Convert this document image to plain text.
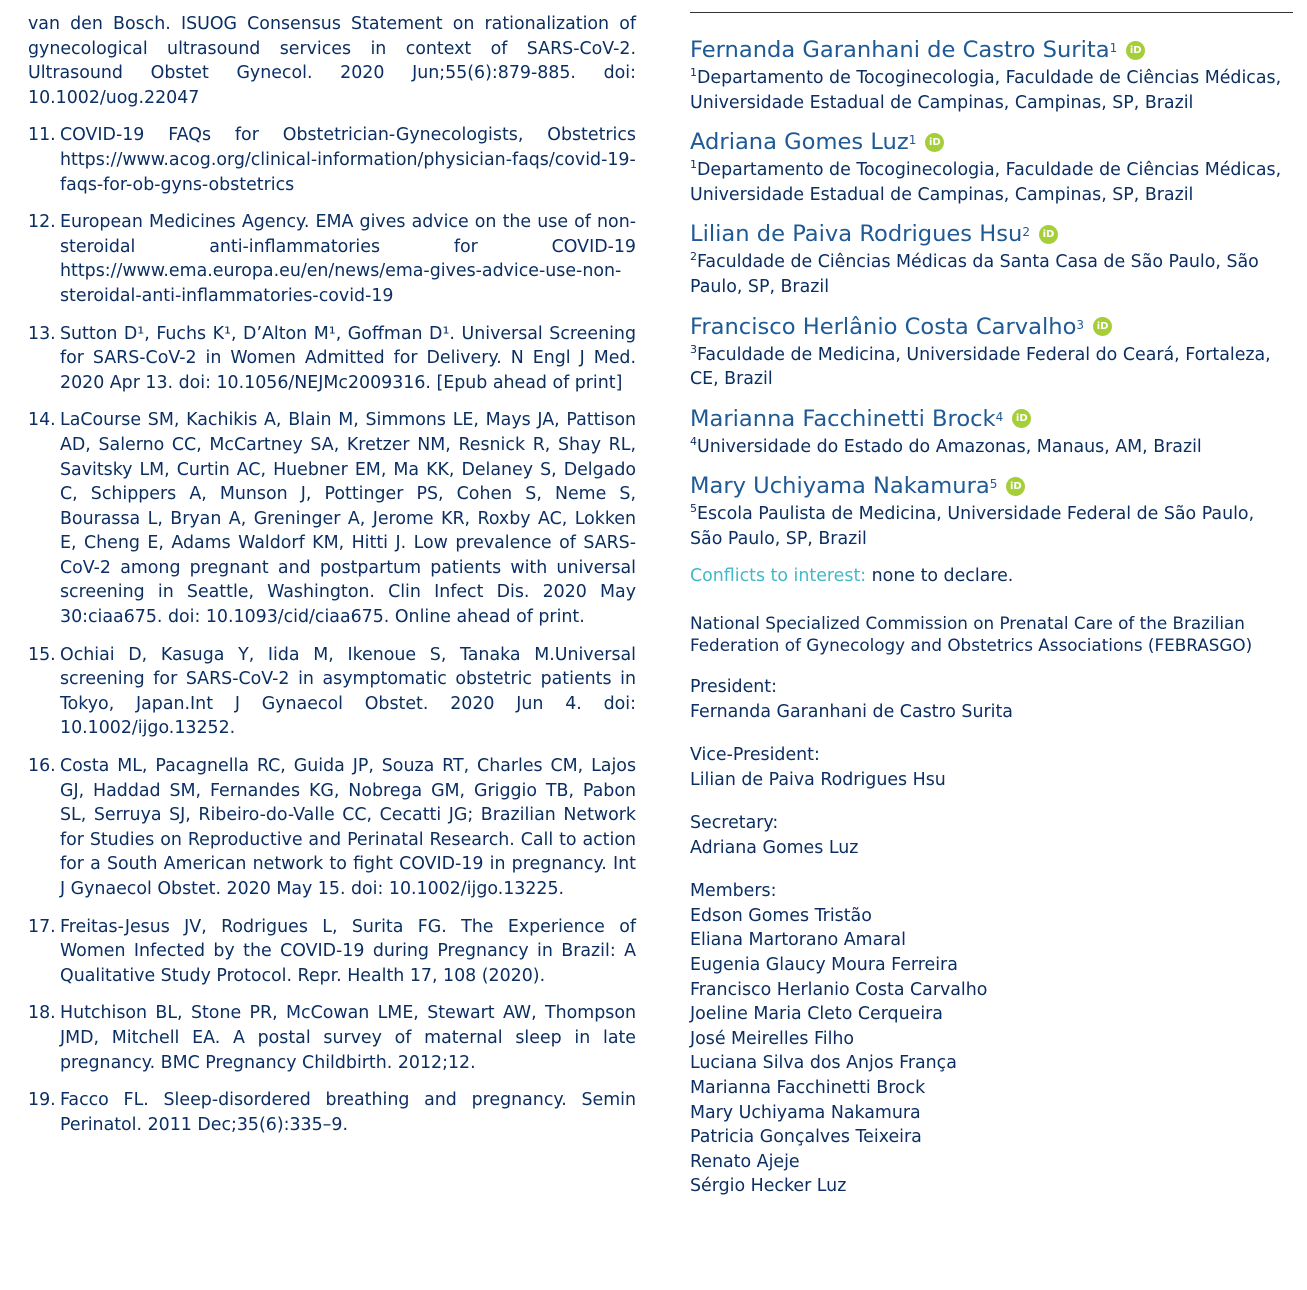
van den Bosch. ISUOG Consensus Statement on rationalization of gynecological ultrasound services in context of SARS-CoV-2. Ultrasound Obstet Gynecol. 2020 Jun;55(6):879-885. doi: 10.1002/uog.22047
11. COVID-19 FAQs for Obstetrician-Gynecologists, Obstetrics https://www.acog.org/clinical-information/physician-faqs/covid-19-faqs-for-ob-gyns-obstetrics
12. European Medicines Agency. EMA gives advice on the use of non-steroidal anti-inflammatories for COVID-19 https://www.ema.europa.eu/en/news/ema-gives-advice-use-non-steroidal-anti-inflammatories-covid-19
13. Sutton D¹, Fuchs K¹, D’Alton M¹, Goffman D¹. Universal Screening for SARS-CoV-2 in Women Admitted for Delivery. N Engl J Med. 2020 Apr 13. doi: 10.1056/NEJMc2009316. [Epub ahead of print]
14. LaCourse SM, Kachikis A, Blain M, Simmons LE, Mays JA, Pattison AD, Salerno CC, McCartney SA, Kretzer NM, Resnick R, Shay RL, Savitsky LM, Curtin AC, Huebner EM, Ma KK, Delaney S, Delgado C, Schippers A, Munson J, Pottinger PS, Cohen S, Neme S, Bourassa L, Bryan A, Greninger A, Jerome KR, Roxby AC, Lokken E, Cheng E, Adams Waldorf KM, Hitti J. Low prevalence of SARS-CoV-2 among pregnant and postpartum patients with universal screening in Seattle, Washington. Clin Infect Dis. 2020 May 30:ciaa675. doi: 10.1093/cid/ciaa675. Online ahead of print.
15. Ochiai D, Kasuga Y, Iida M, Ikenoue S, Tanaka M.Universal screening for SARS-CoV-2 in asymptomatic obstetric patients in Tokyo, Japan.Int J Gynaecol Obstet. 2020 Jun 4. doi: 10.1002/ijgo.13252.
16. Costa ML, Pacagnella RC, Guida JP, Souza RT, Charles CM, Lajos GJ, Haddad SM, Fernandes KG, Nobrega GM, Griggio TB, Pabon SL, Serruya SJ, Ribeiro-do-Valle CC, Cecatti JG; Brazilian Network for Studies on Reproductive and Perinatal Research. Call to action for a South American network to fight COVID-19 in pregnancy. Int J Gynaecol Obstet. 2020 May 15. doi: 10.1002/ijgo.13225.
17. Freitas-Jesus JV, Rodrigues L, Surita FG. The Experience of Women Infected by the COVID-19 during Pregnancy in Brazil: A Qualitative Study Protocol. Repr. Health 17, 108 (2020).
18. Hutchison BL, Stone PR, McCowan LME, Stewart AW, Thompson JMD, Mitchell EA. A postal survey of maternal sleep in late pregnancy. BMC Pregnancy Childbirth. 2012;12.
19. Facco FL. Sleep-disordered breathing and pregnancy. Semin Perinatol. 2011 Dec;35(6):335–9.
Fernanda Garanhani de Castro Surita$^1$	iD
$^1$Departamento de Tocoginecologia, Faculdade de Ciências Médicas, Universidade Estadual de Campinas, Campinas, SP, Brazil
Adriana Gomes Luz$^1$	iD
$^1$Departamento de Tocoginecologia, Faculdade de Ciências Médicas, Universidade Estadual de Campinas, Campinas, SP, Brazil
Lilian de Paiva Rodrigues Hsu$^2$	iD
$^2$Faculdade de Ciências Médicas da Santa Casa de São Paulo, São Paulo, SP, Brazil
Francisco Herlânio Costa Carvalho$^3$	iD
$^3$Faculdade de Medicina, Universidade Federal do Ceará, Fortaleza, CE, Brazil
Marianna Facchinetti Brock$^4$	iD
$^4$Universidade do Estado do Amazonas, Manaus, AM, Brazil
Mary Uchiyama Nakamura$^5$	iD
$^5$Escola Paulista de Medicina, Universidade Federal de São Paulo, São Paulo, SP, Brazil
Conflicts to interest: none to declare.
National Specialized Commission on Prenatal Care of the Brazilian Federation of Gynecology and Obstetrics Associations (FEBRASGO)
President:
Fernanda Garanhani de Castro Surita
Vice-President:
Lilian de Paiva Rodrigues Hsu
Secretary:
Adriana Gomes Luz
Members:
Edson Gomes Tristão
Eliana Martorano Amaral
Eugenia Glaucy Moura Ferreira
Francisco Herlanio Costa Carvalho
Joeline Maria Cleto Cerqueira
José Meirelles Filho
Luciana Silva dos Anjos França
Marianna Facchinetti Brock
Mary Uchiyama Nakamura
Patricia Gonçalves Teixeira
Renato Ajeje
Sérgio Hecker Luz
